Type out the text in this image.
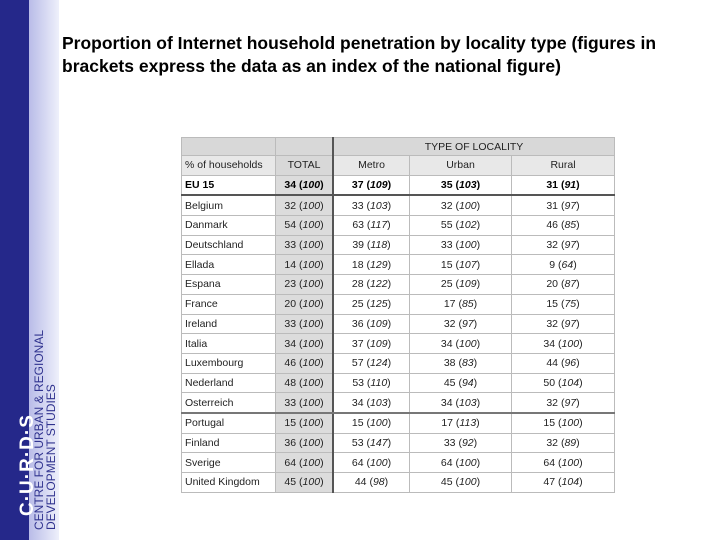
C·U·R·D·S
CENTRE FOR URBAN & REGIONAL
DEVELOPMENT STUDIES
Proportion of Internet household penetration by locality type (figures in brackets express the data as an index of the national figure)
		TYPE OF LOCALITY		
% of households	TOTAL	Metro	Urban	Rural
EU 15	34 (100)	37 (109)	35 (103)	31 (91)
Belgium	32 (100)	33 (103)	32 (100)	31 (97)
Danmark	54 (100)	63 (117)	55 (102)	46 (85)
Deutschland	33 (100)	39 (118)	33 (100)	32 (97)
Ellada	14 (100)	18 (129)	15 (107)	9 (64)
Espana	23 (100)	28 (122)	25 (109)	20 (87)
France	20 (100)	25 (125)	17 (85)	15 (75)
Ireland	33 (100)	36 (109)	32 (97)	32 (97)
Italia	34 (100)	37 (109)	34 (100)	34 (100)
Luxembourg	46 (100)	57 (124)	38 (83)	44 (96)
Nederland	48 (100)	53 (110)	45 (94)	50 (104)
Osterreich	33 (100)	34 (103)	34 (103)	32 (97)
Portugal	15 (100)	15 (100)	17 (113)	15 (100)
Finland	36 (100)	53 (147)	33 (92)	32 (89)
Sverige	64 (100)	64 (100)	64 (100)	64 (100)
United Kingdom	45 (100)	44 (98)	45 (100)	47 (104)
